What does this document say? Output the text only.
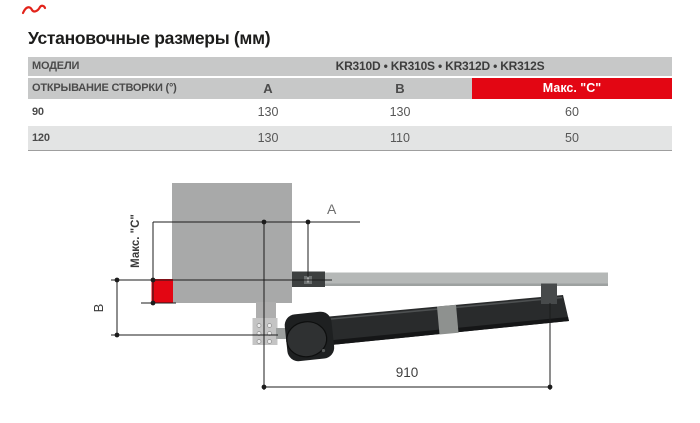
Установочные размеры (мм)
МОДЕЛИ	KR310D • KR310S • KR312D • KR312S
ОТКРЫВАНИЕ СТВОРКИ (°)	A	B	Макс. "C"
90	130	130	60
120	130	110	50
A
Макс. "C"
B
910
